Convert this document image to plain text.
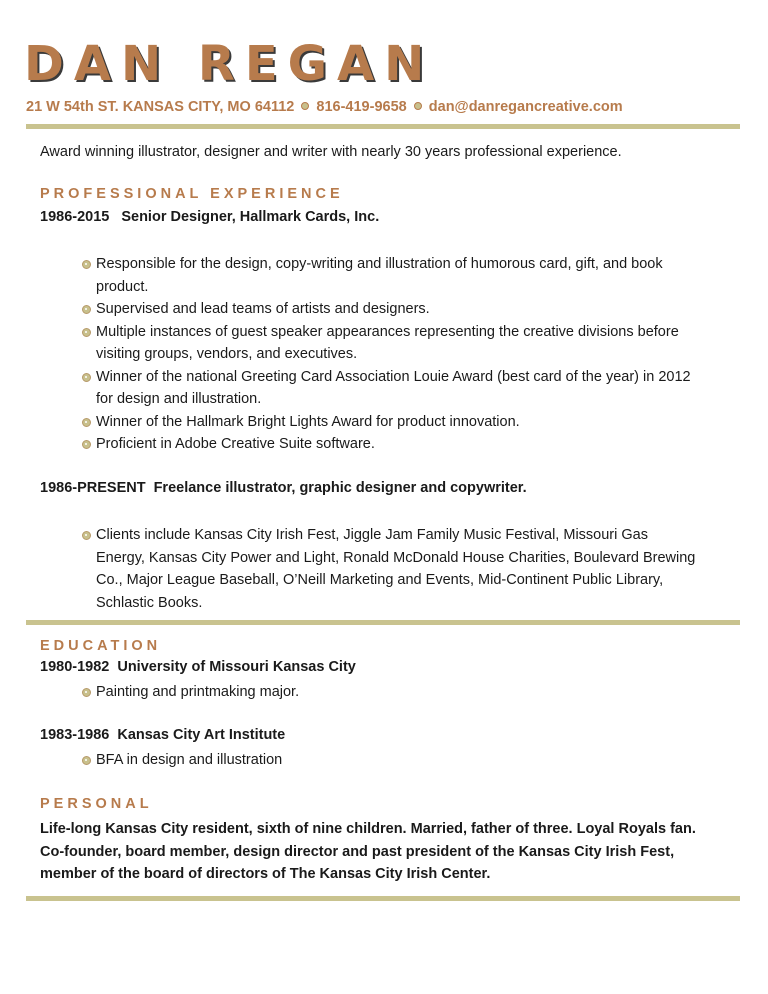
DAN REGAN
21 W 54th ST. KANSAS CITY, MO 64112 816-419-9658 dan@danregancreative.com
Award winning illustrator, designer and writer with nearly 30 years professional experience.
PROFESSIONAL EXPERIENCE
1986-2015 Senior Designer, Hallmark Cards, Inc.
Responsible for the design, copy-writing and illustration of humorous card, gift, and book product.
Supervised and lead teams of artists and designers.
Multiple instances of guest speaker appearances representing the creative divisions before visiting groups, vendors, and executives.
Winner of the national Greeting Card Association Louie Award (best card of the year) in 2012 for design and illustration.
Winner of the Hallmark Bright Lights Award for product innovation.
Proficient in Adobe Creative Suite software.
1986-PRESENT Freelance illustrator, graphic designer and copywriter.
Clients include Kansas City Irish Fest, Jiggle Jam Family Music Festival, Missouri Gas Energy, Kansas City Power and Light, Ronald McDonald House Charities, Boulevard Brewing Co., Major League Baseball, O’Neill Marketing and Events, Mid-Continent Public Library, Schlastic Books.
EDUCATION
1980-1982 University of Missouri Kansas City
Painting and printmaking major.
1983-1986 Kansas City Art Institute
BFA in design and illustration
PERSONAL
Life-long Kansas City resident, sixth of nine children. Married, father of three. Loyal Royals fan.
Co-founder, board member, design director and past president of the Kansas City Irish Fest,
member of the board of directors of The Kansas City Irish Center.
